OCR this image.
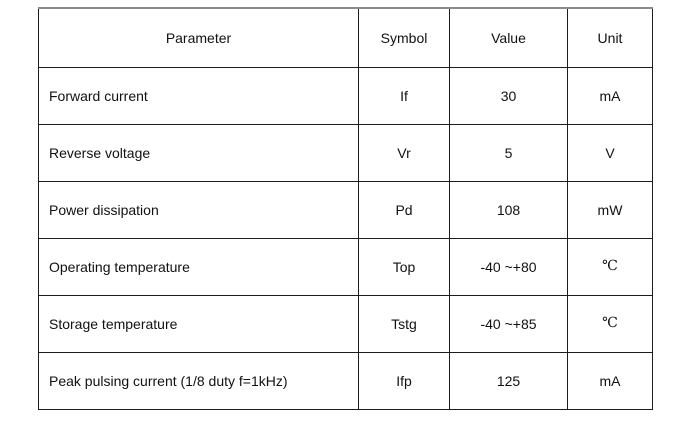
Parameter	Symbol	Value	Unit
Forward current	If	30	mA
Reverse voltage	Vr	5	V
Power dissipation	Pd	108	mW
Operating temperature	Top	-40 ~+80	℃
Storage temperature	Tstg	-40 ~+85	℃
Peak pulsing current (1/8 duty f=1kHz)	Ifp	125	mA
